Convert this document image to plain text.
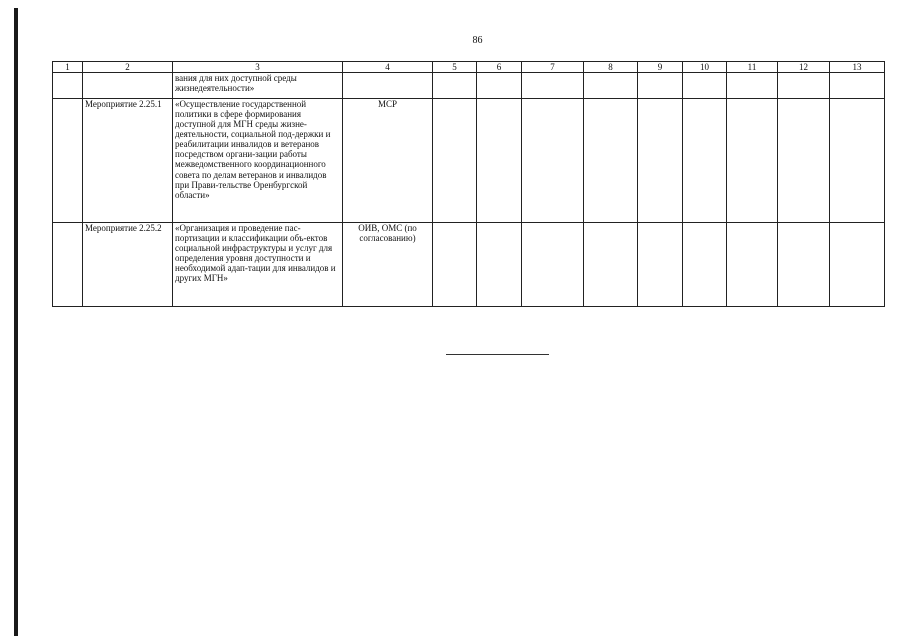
86
1	2	3	4	5	6	7	8	9	10	11	12	13
		вания для них доступной среды жизнедеятельности»										
	Мероприятие 2.25.1	«Осуществление государственной политики в сфере формирования доступной для МГН среды жизне-деятельности, социальной под-держки и реабилитации инвалидов и ветеранов посредством органи-зации работы межведомственного координационного совета по делам ветеранов и инвалидов при Прави-тельстве Оренбургской области»	МСР									
	Мероприятие 2.25.2	«Организация и проведение пас-портизации и классификации объ-ектов социальной инфраструктуры и услуг для определения уровня доступности и необходимой адап-тации для инвалидов и других МГН»	ОИВ, ОМС (по согласованию)									
